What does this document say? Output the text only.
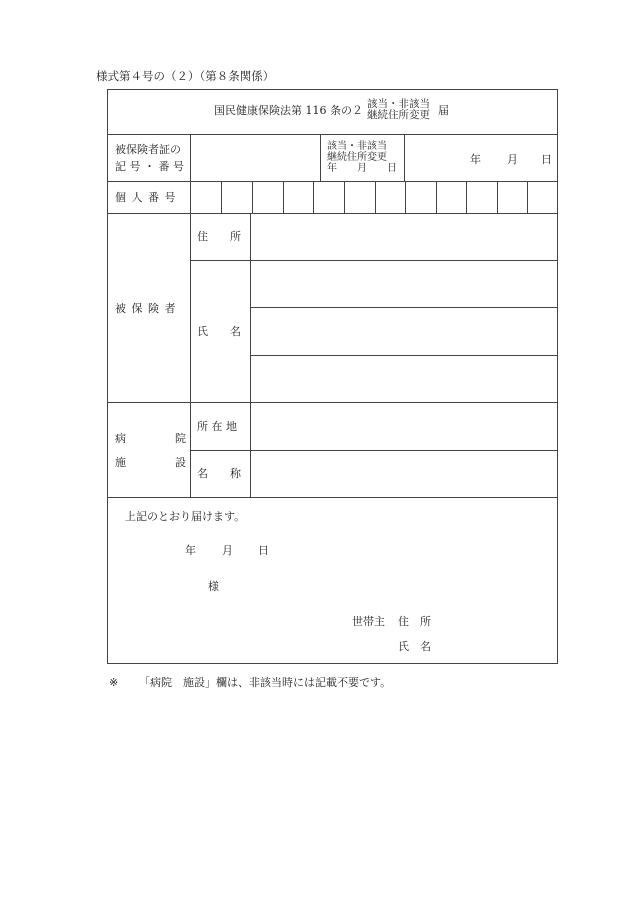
様式第４号の（２）（第８条関係）
国民健康保険法第 116 条の２ 該当・非該当
継続住所変更 届
被保険者証の
記 号 ・ 番 号
該当・非該当
継続住所変更
年　　月　　日
年 月 日
個 人 番 号
被 保 険 者
住　　所
氏　　名
病	院
施	設
所 在 地
名　　称
上記のとおり届けます。
年 月 日
様
世帯主 住　所
氏　名
※ 「病院　施設」欄は、非該当時には記載不要です。
